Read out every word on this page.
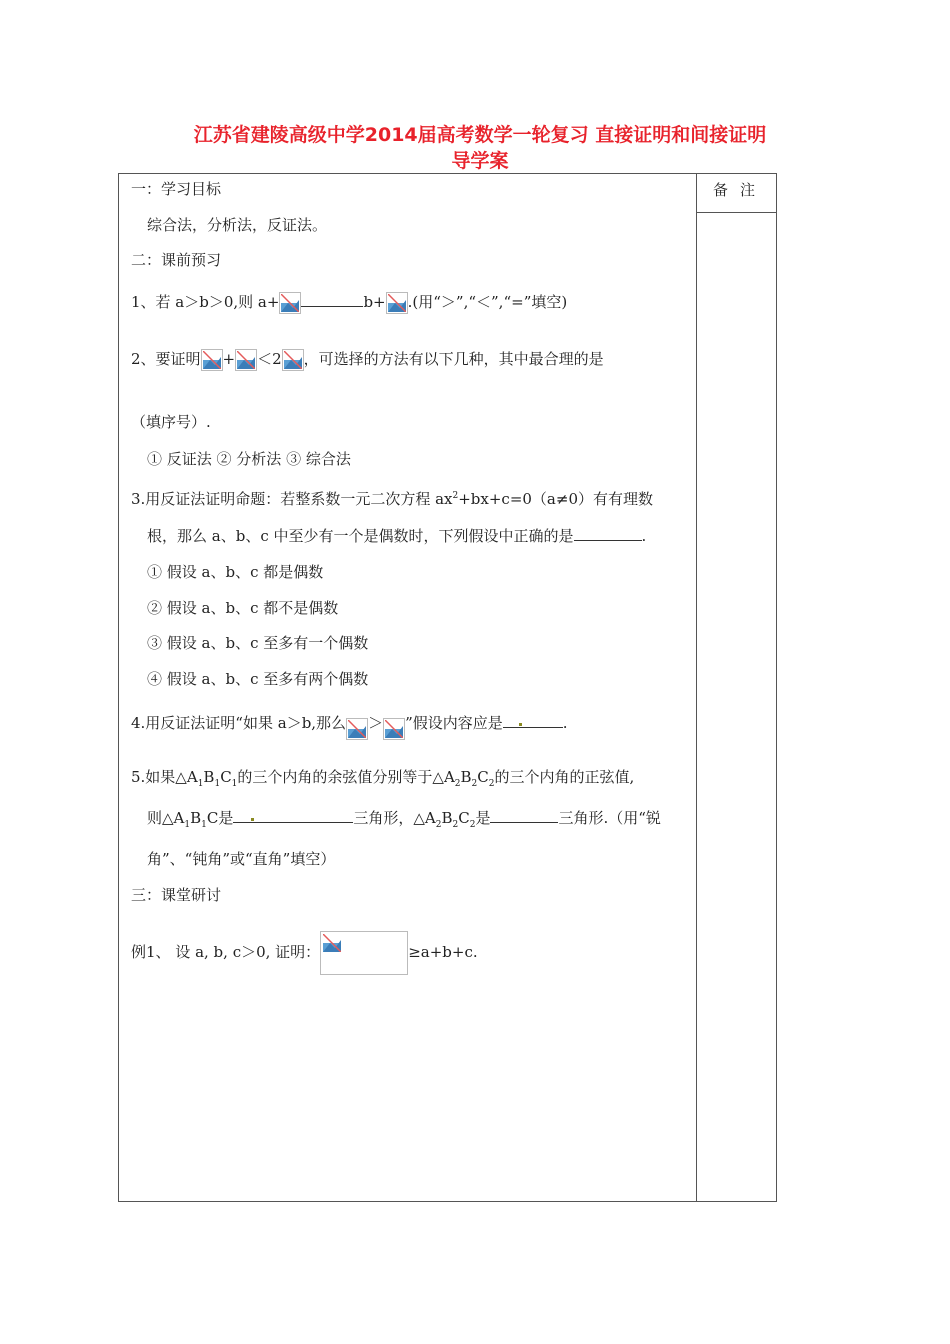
江苏省建陵高级中学2014届高考数学一轮复习 直接证明和间接证明
导学案
备注
一：学习目标
综合法，分析法，反证法。
二：课前预习
1、若 a＞b＞0,则 a+	b+ .(用“＞”,“＜”,“=”填空)
2、要证明 + ＜2 ，可选择的方法有以下几种，其中最合理的是
（填序号）.
① 反证法 ② 分析法 ③ 综合法
3.用反证法证明命题：若整系数一元二次方程 $ax^2+bx+c=0(a\ne 0)$有有理数
根，那么 a、b、c 中至少有一个是偶数时，下列假设中正确的是	.
① 假设 a、b、c 都是偶数
② 假设 a、b、c 都不是偶数
③ 假设 a、b、c 至多有一个偶数
④ 假设 a、b、c 至多有两个偶数
4.用反证法证明“如果 a＞b,那么 ＞ ”假设内容应是	.
5.如果$\triangle A_1B_1C_1$的三个内角的余弦值分别等于$\triangle A_2B_2C_2$的三个内角的正弦值,
则$\triangle A_1B_1C$是	三角形，$\triangle A_2B_2C_2$是	三角形.（用“锐
角”、“钝角”或“直角”填空）
三：课堂研讨
例1、 设 a, b, c＞0, 证明：	≥a+b+c.
